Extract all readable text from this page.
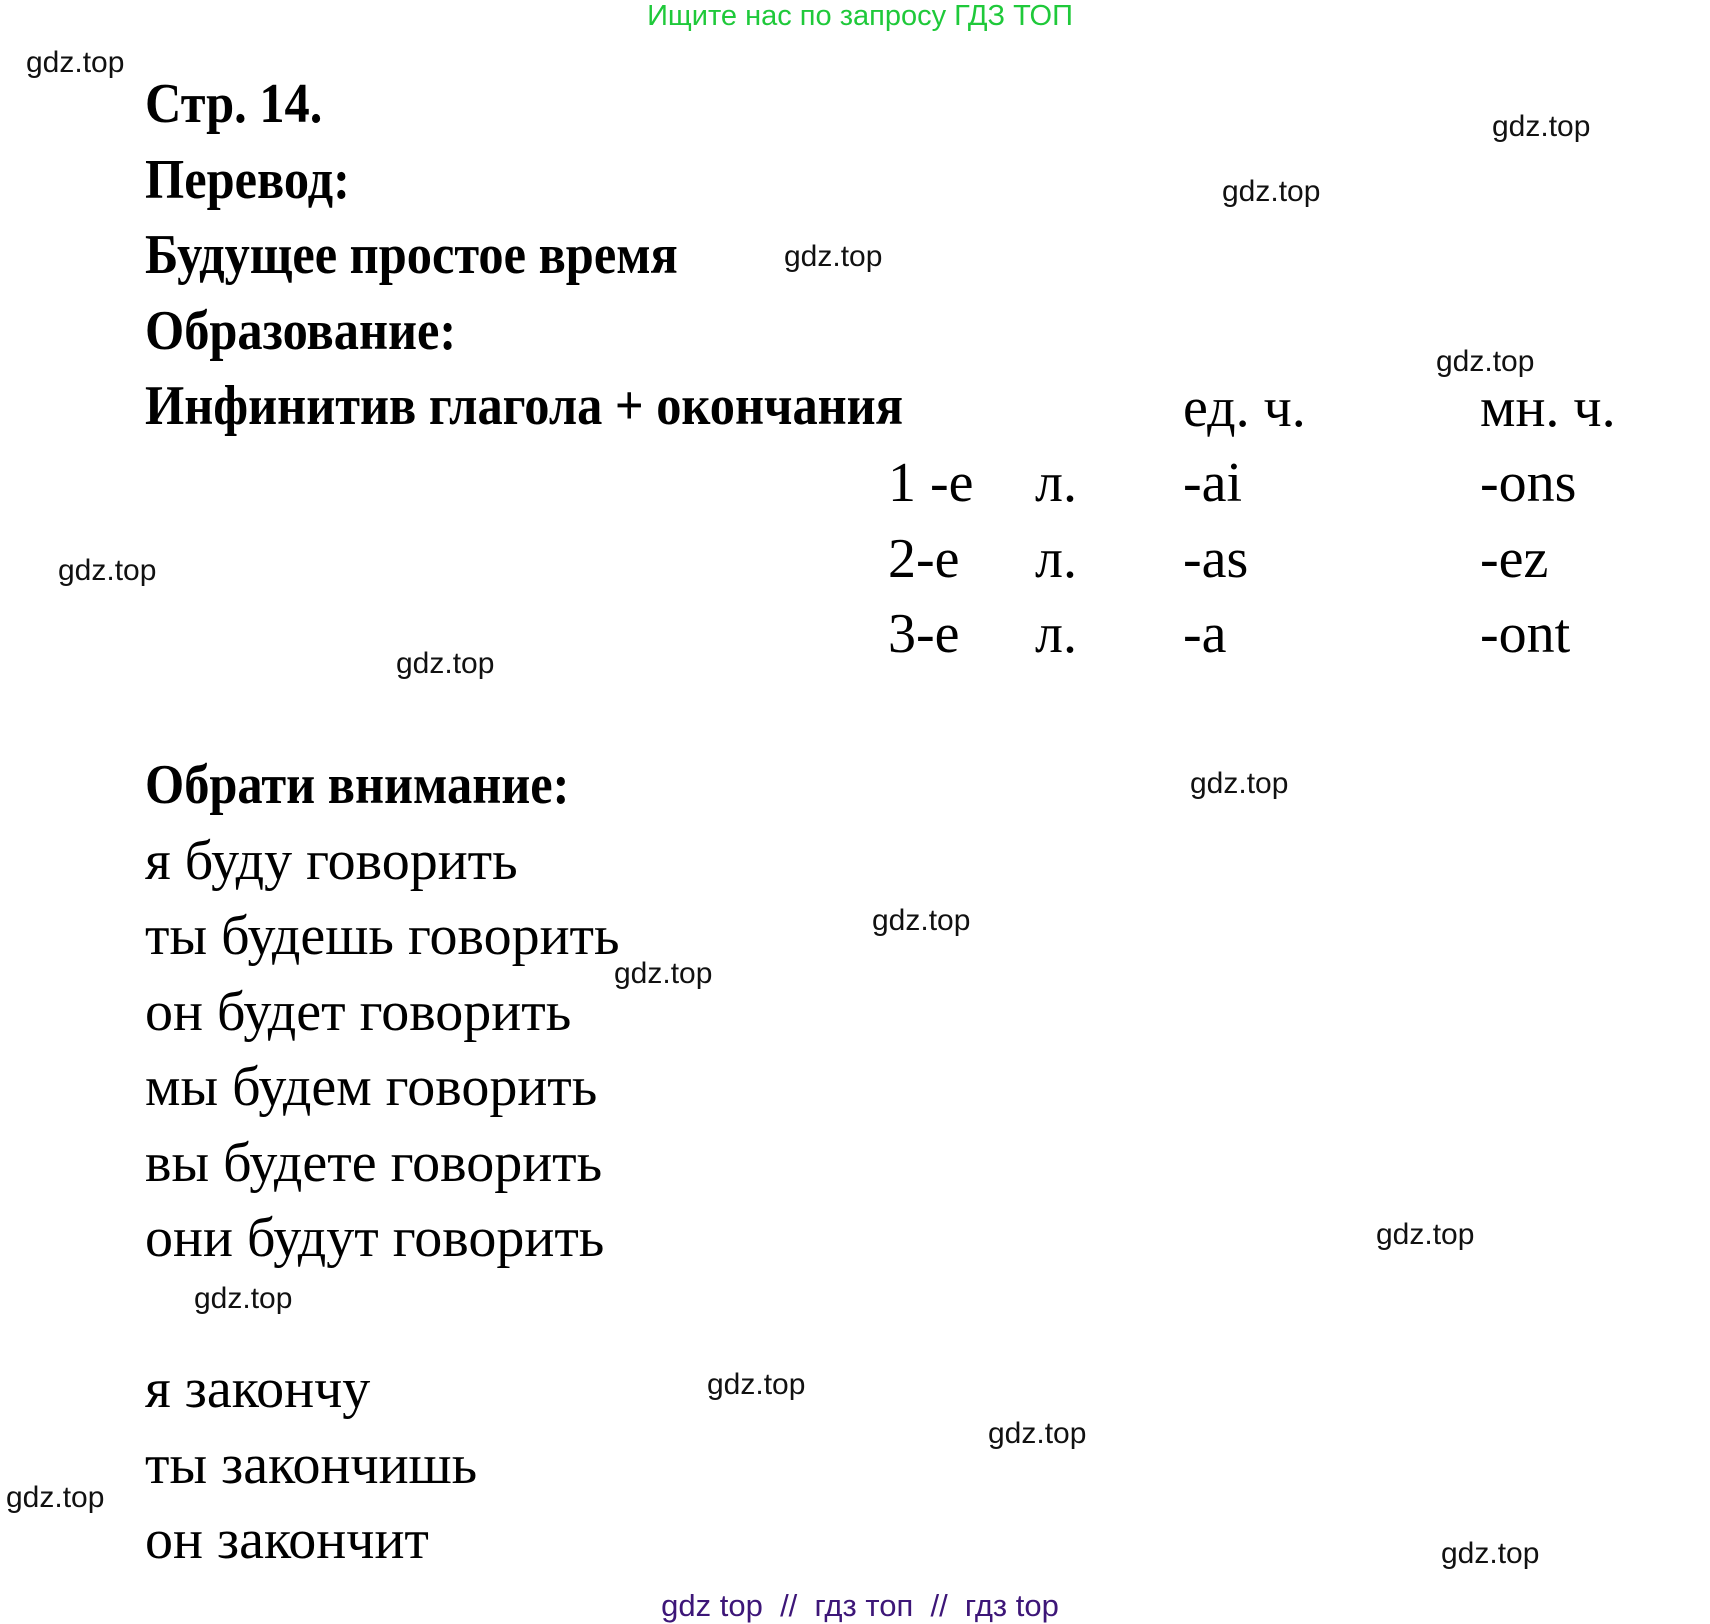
Ищите нас по запросу ГДЗ ТОП
Стр. 14.
Перевод:
Будущее простое время
Образование:
Инфинитив глагола + окончания	ед. ч.	мн. ч.
1 -е л. -ai	-ons
2-е л. -as	-ez
3-е л. -a	-ont
Обрати внимание:
я буду говорить
ты будешь говорить
он будет говорить
мы будем говорить
вы будете говорить
они будут говорить
я закончу
ты закончишь
он закончит
gdz.top
gdz.top
gdz.top
gdz.top
gdz.top
gdz.top
gdz.top
gdz.top
gdz.top
gdz.top
gdz.top
gdz.top
gdz.top
gdz.top
gdz.top
gdz.top
gdz top  //  гдз топ  //  гдз top
